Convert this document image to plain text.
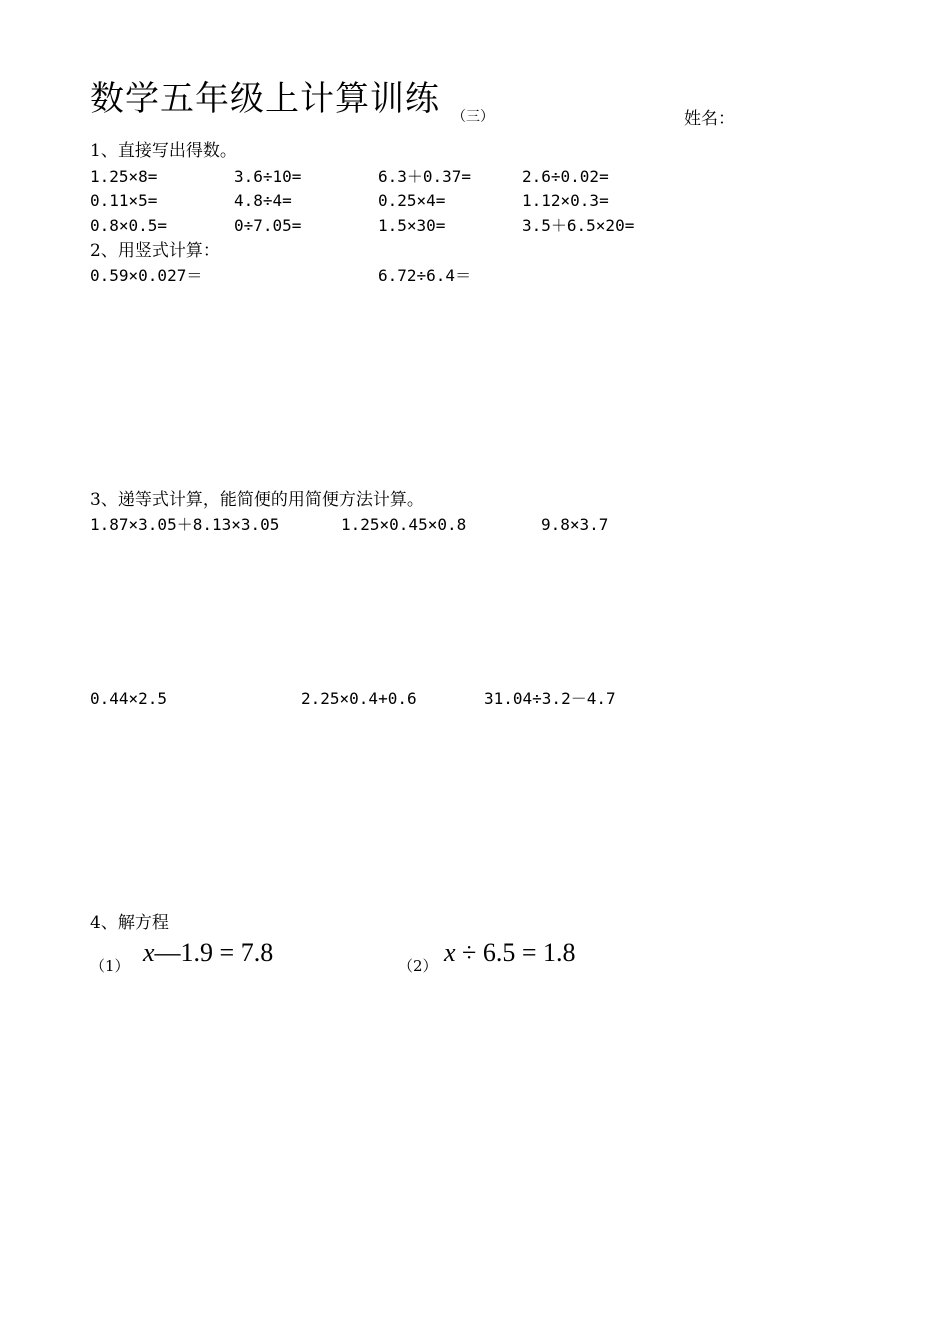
数学五年级上计算训练 （三）	姓名：
1、直接写出得数。
1.25×8=	3.6÷10=	6.3＋0.37=	2.6÷0.02=
0.11×5=	4.8÷4=	0.25×4=	1.12×0.3=
0.8×0.5=	0÷7.05=	1.5×30=	3.5＋6.5×20=
2、用竖式计算：
0.59×0.027＝	6.72÷6.4＝
3、递等式计算，能简便的用简便方法计算。
1.87×3.05＋8.13×3.05	1.25×0.45×0.8	9.8×3.7
0.44×2.5	2.25×0.4+0.6	31.04÷3.2－4.7
4、解方程
（1） x—1.9 = 7.8	（2） x ÷ 6.5 = 1.8
